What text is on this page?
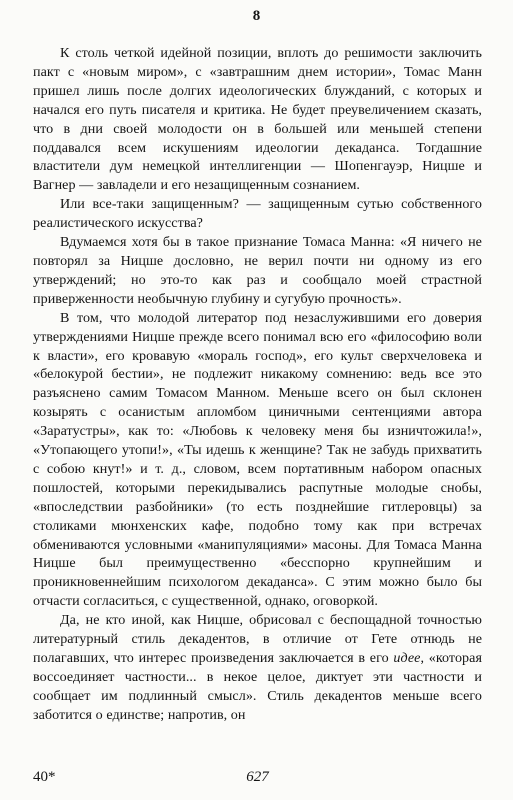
8

К столь четкой идейной позиции, вплоть до решимости заключить пакт с «новым миром», с «завтрашним днем истории», Томас Манн пришел лишь после долгих идеологических блужданий, с которых и начался его путь писателя и критика. Не будет преувеличением сказать, что в дни своей молодости он в большей или меньшей степени поддавался всем искушениям идеологии декаданса. Тогдашние властители дум немецкой интеллигенции — Шопенгауэр, Ницше и Вагнер — завладели и его незащищенным сознанием.

Или все-таки защищенным? — защищенным сутью собственного реалистического искусства?

Вдумаемся хотя бы в такое признание Томаса Манна: «Я ничего не повторял за Ницше дословно, не верил почти ни одному из его утверждений; но это-то как раз и сообщало моей страстной приверженности необычную глубину и сугубую прочность».

В том, что молодой литератор под незаслужившими его доверия утверждениями Ницше прежде всего понимал всю его «философию воли к власти», его кровавую «мораль господ», его культ сверхчеловека и «белокурой бестии», не подлежит никакому сомнению: ведь все это разъяснено самим Томасом Манном. Меньше всего он был склонен козырять с осанистым апломбом циничными сентенциями автора «Заратустры», как то: «Любовь к человеку меня бы изничтожила!», «Утопающего утопи!», «Ты идешь к женщине? Так не забудь прихватить с собою кнут!» и т. д., словом, всем портативным набором опасных пошлостей, которыми перекидывались распутные молодые снобы, «впоследствии разбойники» (то есть позднейшие гитлеровцы) за столиками мюнхенских кафе, подобно тому как при встречах обмениваются условными «манипуляциями» масоны. Для Томаса Манна Ницше был преимущественно «бесспорно крупнейшим и проникновеннейшим психологом декаданса». С этим можно было бы отчасти согласиться, с существенной, однако, оговоркой.

Да, не кто иной, как Ницше, обрисовал с беспощадной точностью литературный стиль декадентов, в отличие от Гете отнюдь не полагавших, что интерес произведения заключается в его идее, «которая воссоединяет частности... в некое целое, диктует эти частности и сообщает им подлинный смысл». Стиль декадентов меньше всего заботится о единстве; напротив, он

40*	627
